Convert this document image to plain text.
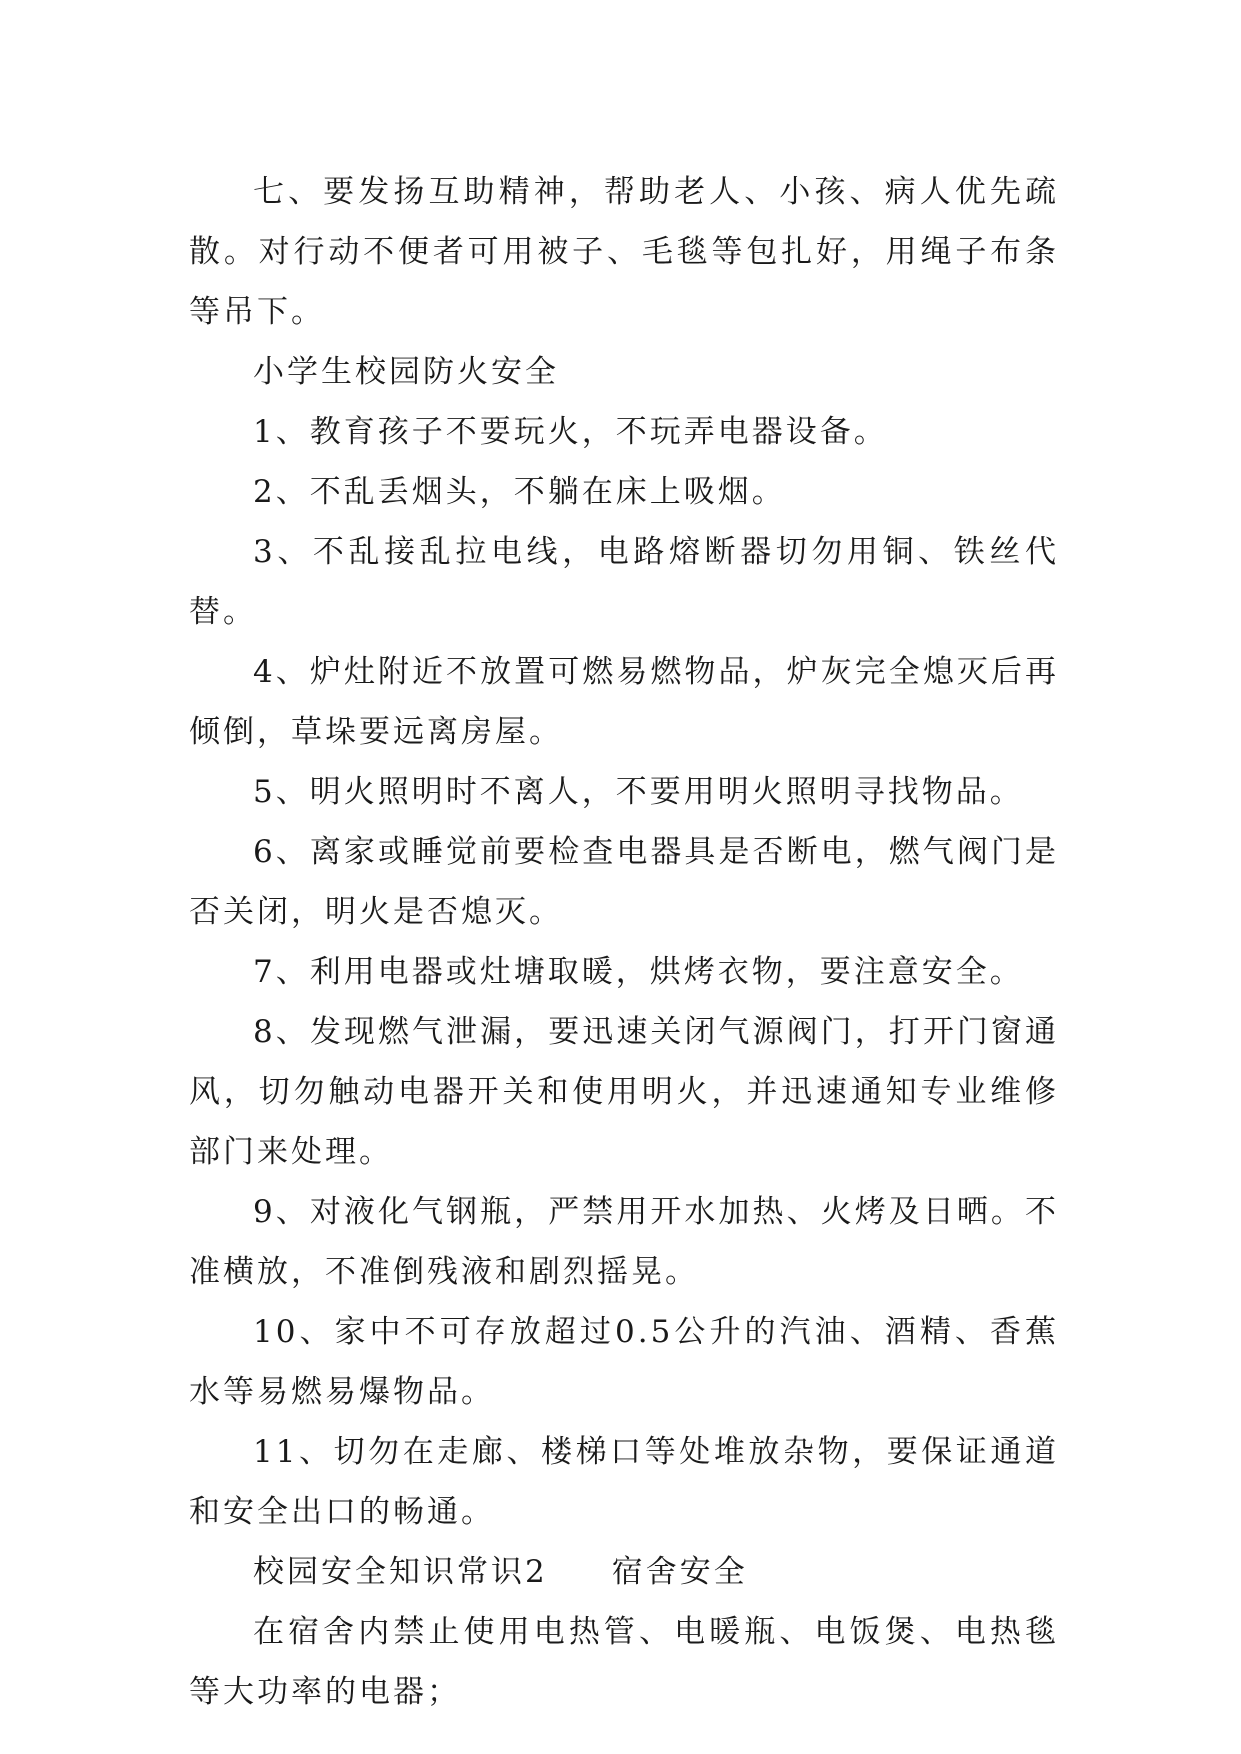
七、要发扬互助精神，帮助老人、小孩、病人优先疏散。对行动不便者可用被子、毛毯等包扎好，用绳子布条等吊下。

小学生校园防火安全

1、教育孩子不要玩火，不玩弄电器设备。

2、不乱丢烟头，不躺在床上吸烟。

3、不乱接乱拉电线，电路熔断器切勿用铜、铁丝代替。

4、炉灶附近不放置可燃易燃物品，炉灰完全熄灭后再倾倒，草垛要远离房屋。

5、明火照明时不离人，不要用明火照明寻找物品。

6、离家或睡觉前要检查电器具是否断电，燃气阀门是否关闭，明火是否熄灭。

7、利用电器或灶塘取暖，烘烤衣物，要注意安全。

8、发现燃气泄漏，要迅速关闭气源阀门，打开门窗通风，切勿触动电器开关和使用明火，并迅速通知专业维修部门来处理。

9、对液化气钢瓶，严禁用开水加热、火烤及日晒。不准横放，不准倒残液和剧烈摇晃。

10、家中不可存放超过0.5公升的汽油、酒精、香蕉水等易燃易爆物品。

11、切勿在走廊、楼梯口等处堆放杂物，要保证通道和安全出口的畅通。

校园安全知识常识2 宿舍安全

在宿舍内禁止使用电热管、电暖瓶、电饭煲、电热毯等大功率的电器；
